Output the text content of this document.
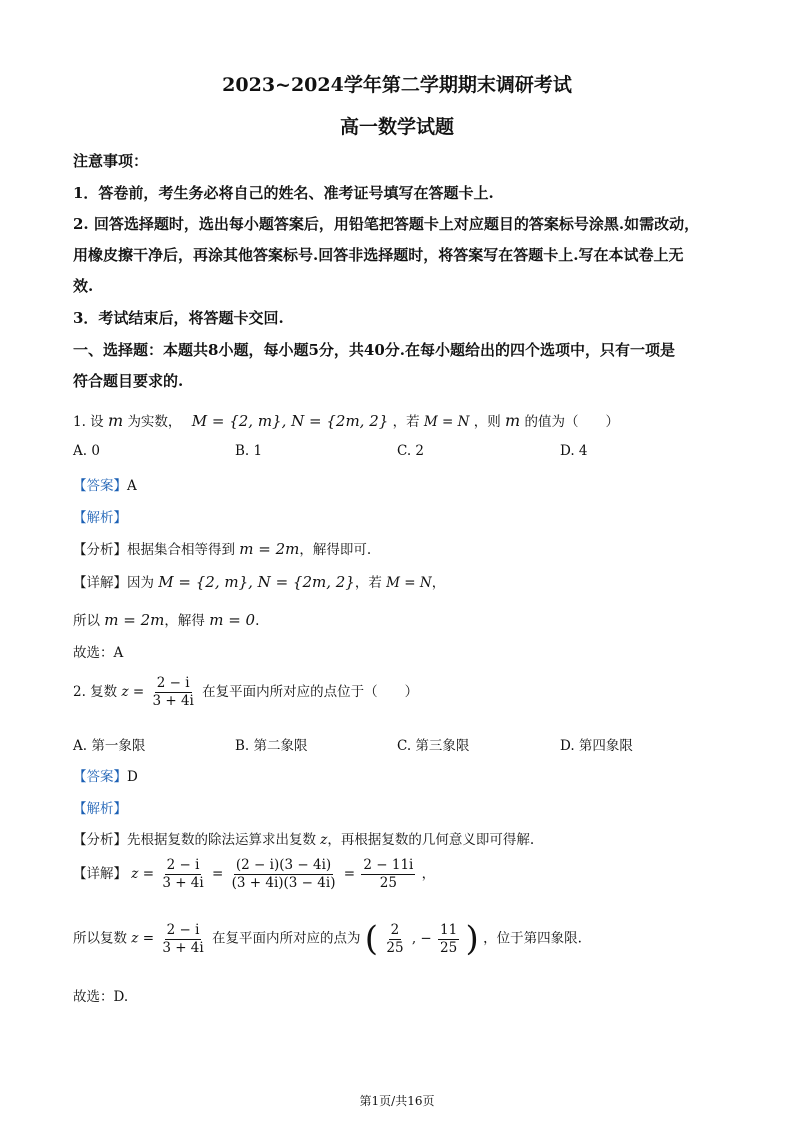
2023~2024学年第二学期期末调研考试
高一数学试题
注意事项：
1．答卷前，考生务必将自己的姓名、准考证号填写在答题卡上.
2. 回答选择题时，选出每小题答案后，用铅笔把答题卡上对应题目的答案标号涂黑.如需改动，
用橡皮擦干净后，再涂其他答案标号.回答非选择题时，将答案写在答题卡上.写在本试卷上无
效.
3．考试结束后，将答题卡交回.
一、选择题：本题共8小题，每小题5分，共40分.在每小题给出的四个选项中，只有一项是
符合题目要求的.
1. 设 m 为实数， M = {2, m}, N = {2m, 2} ，若 M = N ，则 m 的值为（　　）
A. 0	B. 1	C. 2	D. 4
【答案】A
【解析】
【分析】根据集合相等得到 m = 2m，解得即可.
【详解】因为 M = {2, m}, N = {2m, 2}，若 M = N，
所以 m = 2m，解得 m = 0.
故选：A
2. 复数 $z = \frac{2 - i}{3 + 4i}$ 在复平面内所对应的点位于（　　）
A. 第一象限	B. 第二象限	C. 第三象限	D. 第四象限
【答案】D
【解析】
【分析】先根据复数的除法运算求出复数 z，再根据复数的几何意义即可得解.
【详解】 $z = \frac{2 - i}{3 + 4i} = \frac{(2 - i)(3 - 4i)}{(3 + 4i)(3 - 4i)} = \frac{2 - 11i}{25}$ ，
所以复数 $z = \frac{2 - i}{3 + 4i}$ 在复平面内所对应的点为 ( $\frac{2}{25}$ , − $\frac{11}{25}$ ) ，位于第四象限.
故选：D.
第1页/共16页
